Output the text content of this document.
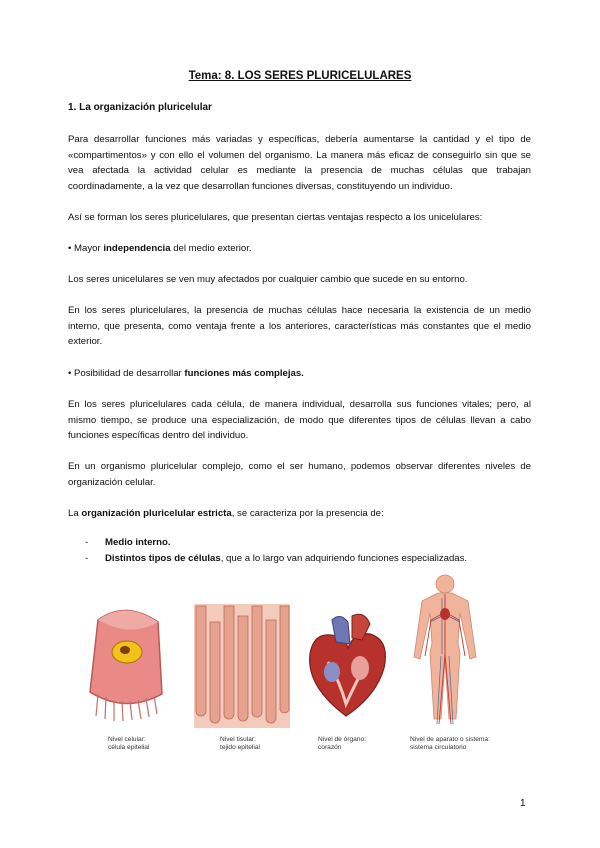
Tema: 8. LOS SERES PLURICELULARES
1. La organización pluricelular
Para desarrollar funciones más variadas y específicas, debería aumentarse la cantidad y el tipo de «compartimentos» y con ello el volumen del organismo. La manera más eficaz de conseguirlo sin que se vea afectada la actividad celular es mediante la presencia de muchas células que trabajan coordinadamente, a la vez que desarrollan funciones diversas, constituyendo un individuo.
Así se forman los seres pluricelulares, que presentan ciertas ventajas respecto a los unicelulares:
• Mayor independencia del medio exterior.
Los seres unicelulares se ven muy afectados por cualquier cambio que sucede en su entorno.
En los seres pluricelulares, la presencia de muchas células hace necesaria la existencia de un medio interno, que presenta, como ventaja frente a los anteriores, características más constantes que el medio exterior.
• Posibilidad de desarrollar funciones más complejas.
En los seres pluricelulares cada célula, de manera individual, desarrolla sus funciones vitales; pero, al mismo tiempo, se produce una especialización, de modo que diferentes tipos de células llevan a cabo funciones específicas dentro del individuo.
En un organismo pluricelular complejo, como el ser humano, podemos observar diferentes niveles de organización celular.
La organización pluricelular estricta, se caracteriza por la presencia de:
- Medio interno.
- Distintos tipos de células, que a lo largo van adquiriendo funciones especializadas.
Nivel celular:
célula epitelial
Nivel tisular:
tejido epitelial
Nivel de órgano:
corazón
Nivel de aparato o sistema:
sistema circulatorio
1
